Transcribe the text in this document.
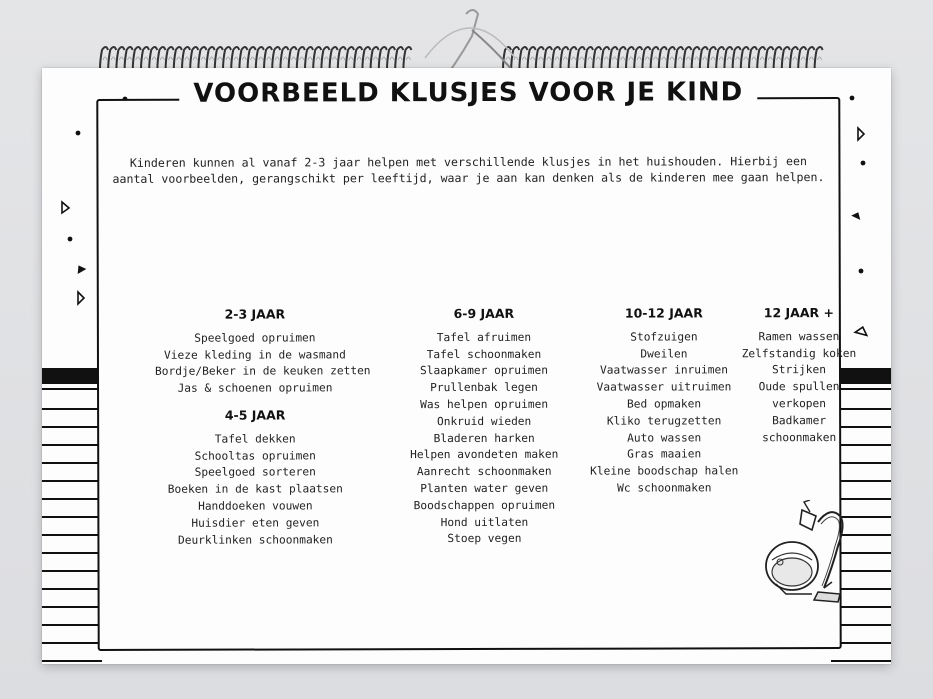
VOORBEELD KLUSJES VOOR JE KIND
Kinderen kunnen al vanaf 2-3 jaar helpen met verschillende klusjes in het huishouden. Hierbij een aantal voorbeelden, gerangschikt per leeftijd, waar je aan kan denken als de kinderen mee gaan helpen.
2-3 JAAR
Speelgoed opruimen
Vieze kleding in de wasmand
Bordje/Beker in de keuken zetten
Jas & schoenen opruimen
4-5 JAAR
Tafel dekken
Schooltas opruimen
Speelgoed sorteren
Boeken in de kast plaatsen
Handdoeken vouwen
Huisdier eten geven
Deurklinken schoonmaken
6-9 JAAR
Tafel afruimen
Tafel schoonmaken
Slaapkamer opruimen
Prullenbak legen
Was helpen opruimen
Onkruid wieden
Bladeren harken
Helpen avondeten maken
Aanrecht schoonmaken
Planten water geven
Boodschappen opruimen
Hond uitlaten
Stoep vegen
10-12 JAAR
Stofzuigen
Dweilen
Vaatwasser inruimen
Vaatwasser uitruimen
Bed opmaken
Kliko terugzetten
Auto wassen
Gras maaien
Kleine boodschap halen
Wc schoonmaken
12 JAAR +
Ramen wassen
Zelfstandig koken
Strijken
Oude spullen
verkopen
Badkamer
schoonmaken
